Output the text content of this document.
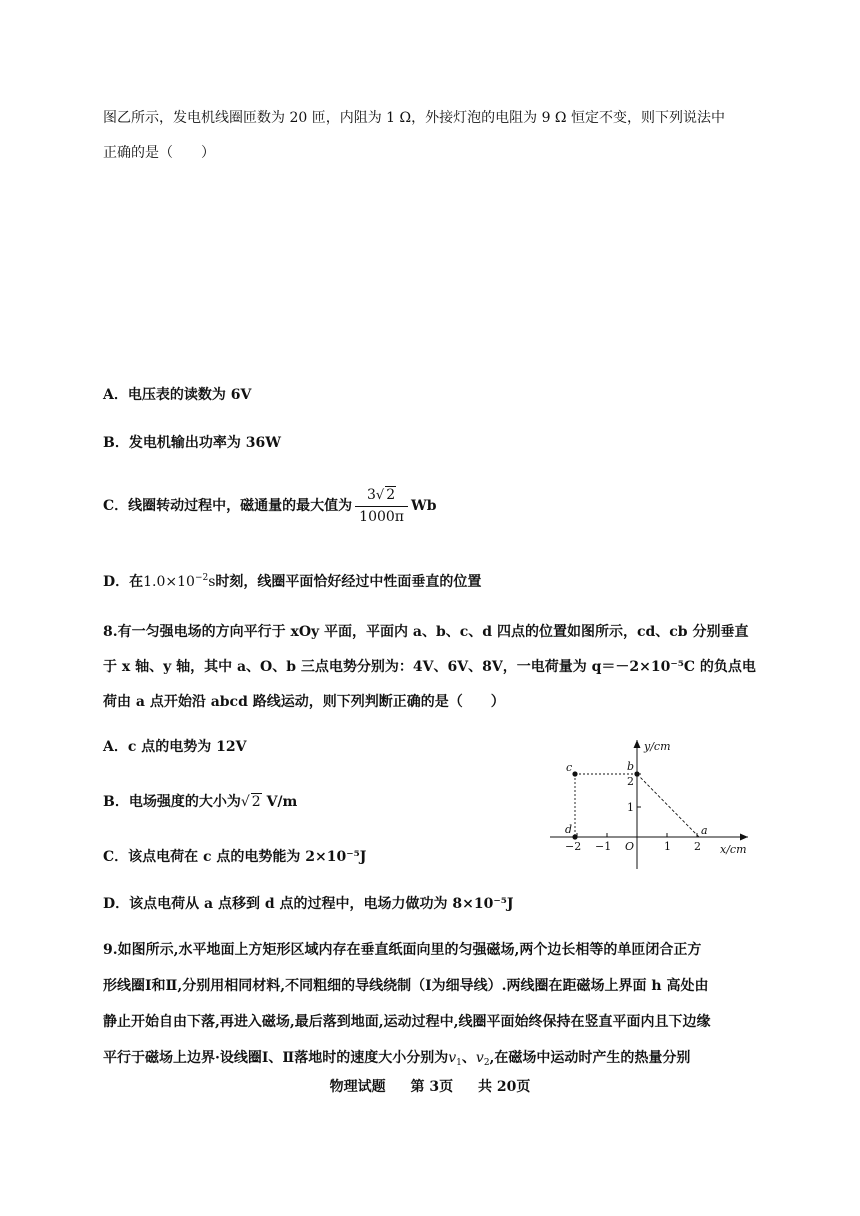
图乙所示，发电机线圈匝数为 20 匝，内阻为 1 Ω，外接灯泡的电阻为 9 Ω 恒定不变，则下列说法中
正确的是（　　）
A．电压表的读数为 6V
B．发电机输出功率为 36W
C．线圈转动过程中，磁通量的最大值为 $\frac{3√ 2}{1000\pi}$ Wb
D．在$1.0\times 10^{-2}s$时刻，线圈平面恰好经过中性面垂直的位置
8.有一匀强电场的方向平行于 xOy 平面，平面内 a、b、c、d 四点的位置如图所示，cd、cb 分别垂直
于 x 轴、y 轴，其中 a、O、b 三点电势分别为：4V、6V、8V，一电荷量为 q＝－2×10⁻⁵C 的负点电
荷由 a 点开始沿 abcd 路线运动，则下列判断正确的是（　　）
A．c 点的电势为 12V
B．电场强度的大小为√ 2 V/m
C．该点电荷在 c 点的电势能为 2×10⁻⁵J
D．该点电荷从 a 点移到 d 点的过程中，电场力做功为 8×10⁻⁵J
y/cm
x/cm
O
−2 −1	1 2
1
2
a
b
c
d
9.如图所示,水平地面上方矩形区域内存在垂直纸面向里的匀强磁场,两个边长相等的单匝闭合正方
形线圈Ⅰ和Ⅱ,分别用相同材料,不同粗细的导线绕制（Ⅰ为细导线）.两线圈在距磁场上界面 h 高处由
静止开始自由下落,再进入磁场,最后落到地面,运动过程中,线圈平面始终保持在竖直平面内且下边缘
平行于磁场上边界·设线圈Ⅰ、Ⅱ落地时的速度大小分别为$v_1$、$v_2$,在磁场中运动时产生的热量分别
物理试题 第 3页 共 20页
